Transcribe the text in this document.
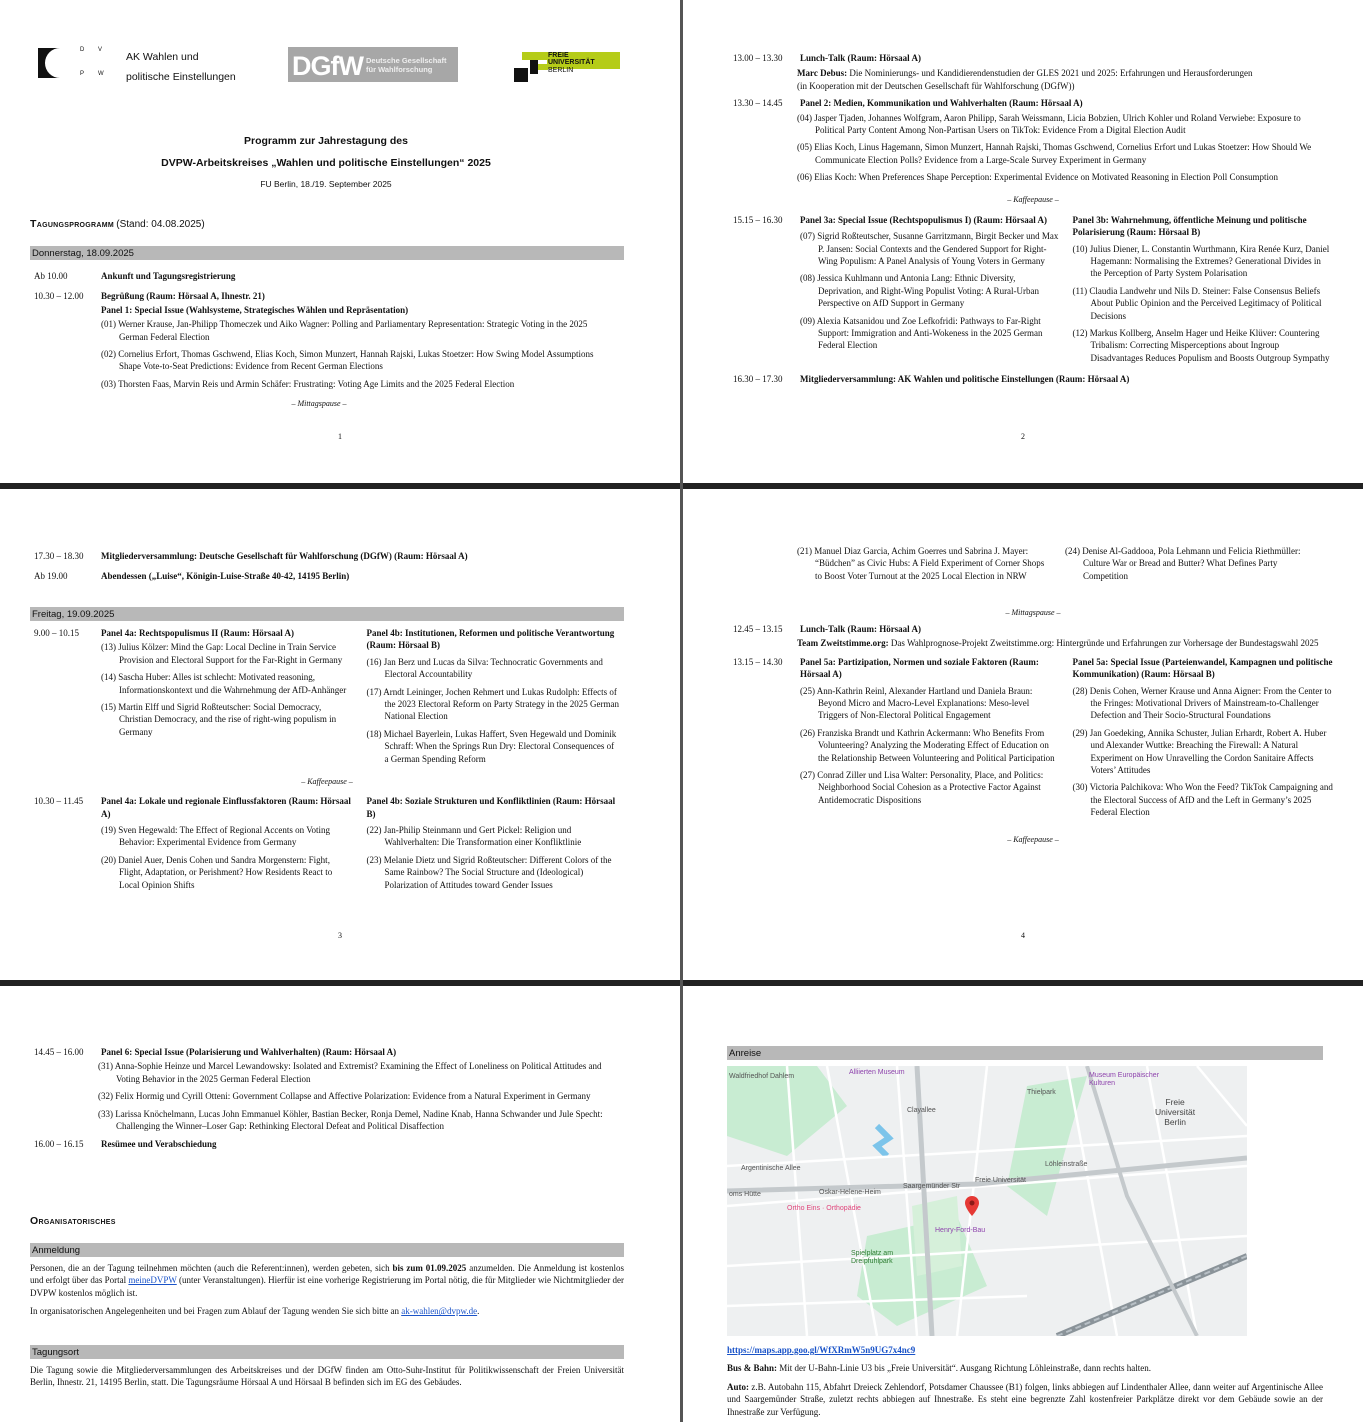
D V
P W
AK Wahlen und
politische Einstellungen DGfW Deutsche Gesellschaft
für Wahlforschung
FREIE
UNIVERSITÄT
BERLIN
Programm zur Jahrestagung des
DVPW-Arbeitskreises „Wahlen und politische Einstellungen“ 2025
FU Berlin, 18./19. September 2025
Tagungsprogramm (Stand: 04.08.2025)
Donnerstag, 18.09.2025
Ab 10.00	Ankunft und Tagungsregistrierung
10.30 – 12.00	Begrüßung (Raum: Hörsaal A, Ihnestr. 21)
Panel 1: Special Issue (Wahlsysteme, Strategisches Wählen und Repräsentation)
(01) Werner Krause, Jan-Philipp Thomeczek und Aiko Wagner: Polling and Parliamentary Representation: Strategic Voting in the 2025 German Federal Election
(02) Cornelius Erfort, Thomas Gschwend, Elias Koch, Simon Munzert, Hannah Rajski, Lukas Stoetzer: How Swing Model Assumptions Shape Vote-to-Seat Predictions: Evidence from Recent German Elections
(03) Thorsten Faas, Marvin Reis und Armin Schäfer: Frustrating: Voting Age Limits and the 2025 Federal Election
– Mittagspause –
1
13.00 – 13.30	Lunch-Talk (Raum: Hörsaal A)
Marc Debus: Die Nominierungs- und Kandidierendenstudien der GLES 2021 und 2025: Erfahrungen und Herausforderungen
(in Kooperation mit der Deutschen Gesellschaft für Wahlforschung (DGfW))
13.30 – 14.45	Panel 2: Medien, Kommunikation und Wahlverhalten (Raum: Hörsaal A)
(04) Jasper Tjaden, Johannes Wolfgram, Aaron Philipp, Sarah Weissmann, Licia Bobzien, Ulrich Kohler und Roland Verwiebe: Exposure to Political Party Content Among Non-Partisan Users on TikTok: Evidence From a Digital Election Audit
(05) Elias Koch, Linus Hagemann, Simon Munzert, Hannah Rajski, Thomas Gschwend, Cornelius Erfort und Lukas Stoetzer: How Should We Communicate Election Polls? Evidence from a Large-Scale Survey Experiment in Germany
(06) Elias Koch: When Preferences Shape Perception: Experimental Evidence on Motivated Reasoning in Election Poll Consumption
– Kaffeepause –
15.15 – 16.30	Panel 3a: Special Issue (Rechtspopulismus I) (Raum: Hörsaal A)
(07) Sigrid Roßteutscher, Susanne Garritzmann, Birgit Becker und Max P. Jansen: Social Contexts and the Gendered Support for Right-Wing Populism: A Panel Analysis of Young Voters in Germany
(08) Jessica Kuhlmann und Antonia Lang: Ethnic Diversity, Deprivation, and Right-Wing Populist Voting: A Rural-Urban Perspective on AfD Support in Germany
(09) Alexia Katsanidou und Zoe Lefkofridi: Pathways to Far-Right Support: Immigration and Anti-Wokeness in the 2025 German Federal Election
Panel 3b: Wahrnehmung, öffentliche Meinung und politische Polarisierung (Raum: Hörsaal B)
(10) Julius Diener, L. Constantin Wurthmann, Kira Renée Kurz, Daniel Hagemann: Normalising the Extremes? Generational Divides in the Perception of Party System Polarisation
(11) Claudia Landwehr und Nils D. Steiner: False Consensus Beliefs About Public Opinion and the Perceived Legitimacy of Political Decisions
(12) Markus Kollberg, Anselm Hager und Heike Klüver: Countering Tribalism: Correcting Misperceptions about Ingroup Disadvantages Reduces Populism and Boosts Outgroup Sympathy
16.30 – 17.30	Mitgliederversammlung: AK Wahlen und politische Einstellungen (Raum: Hörsaal A)
2
17.30 – 18.30	Mitgliederversammlung: Deutsche Gesellschaft für Wahlforschung (DGfW) (Raum: Hörsaal A)
Ab 19.00	Abendessen („Luise“, Königin-Luise-Straße 40-42, 14195 Berlin)
Freitag, 19.09.2025
9.00 – 10.15	Panel 4a: Rechtspopulismus II (Raum: Hörsaal A)
(13) Julius Kölzer: Mind the Gap: Local Decline in Train Service Provision and Electoral Support for the Far-Right in Germany
(14) Sascha Huber: Alles ist schlecht: Motivated reasoning, Informationskontext und die Wahrnehmung der AfD-Anhänger
(15) Martin Elff und Sigrid Roßteutscher: Social Democracy, Christian Democracy, and the rise of right-wing populism in Germany
Panel 4b: Institutionen, Reformen und politische Verantwortung (Raum: Hörsaal B)
(16) Jan Berz und Lucas da Silva: Technocratic Governments and Electoral Accountability
(17) Arndt Leininger, Jochen Rehmert und Lukas Rudolph: Effects of the 2023 Electoral Reform on Party Strategy in the 2025 German National Election
(18) Michael Bayerlein, Lukas Haffert, Sven Hegewald und Dominik Schraff: When the Springs Run Dry: Electoral Consequences of a German Spending Reform
– Kaffeepause –
10.30 – 11.45	Panel 4a: Lokale und regionale Einflussfaktoren (Raum: Hörsaal A)
(19) Sven Hegewald: The Effect of Regional Accents on Voting Behavior: Experimental Evidence from Germany
(20) Daniel Auer, Denis Cohen und Sandra Morgenstern: Fight, Flight, Adaptation, or Perishment? How Residents React to Local Opinion Shifts
Panel 4b: Soziale Strukturen und Konfliktlinien (Raum: Hörsaal B)
(22) Jan-Philip Steinmann und Gert Pickel: Religion und Wahlverhalten: Die Transformation einer Konfliktlinie
(23) Melanie Dietz und Sigrid Roßteutscher: Different Colors of the Same Rainbow? The Social Structure and (Ideological) Polarization of Attitudes toward Gender Issues
3
(21) Manuel Diaz Garcia, Achim Goerres und Sabrina J. Mayer: “Büdchen” as Civic Hubs: A Field Experiment of Corner Shops to Boost Voter Turnout at the 2025 Local Election in NRW
(24) Denise Al-Gaddooa, Pola Lehmann und Felicia Riethmüller: Culture War or Bread and Butter? What Defines Party Competition
– Mittagspause –
12.45 – 13.15	Lunch-Talk (Raum: Hörsaal A)
Team Zweitstimme.org: Das Wahlprognose-Projekt Zweitstimme.org: Hintergründe und Erfahrungen zur Vorhersage der Bundestagswahl 2025
13.15 – 14.30	Panel 5a: Partizipation, Normen und soziale Faktoren (Raum: Hörsaal A)
(25) Ann-Kathrin Reinl, Alexander Hartland und Daniela Braun: Beyond Micro and Macro-Level Explanations: Meso-level Triggers of Non-Electoral Political Engagement
(26) Franziska Brandt und Kathrin Ackermann: Who Benefits From Volunteering? Analyzing the Moderating Effect of Education on the Relationship Between Volunteering and Political Participation
(27) Conrad Ziller und Lisa Walter: Personality, Place, and Politics: Neighborhood Social Cohesion as a Protective Factor Against Antidemocratic Dispositions
Panel 5a: Special Issue (Parteienwandel, Kampagnen und politische Kommunikation) (Raum: Hörsaal B)
(28) Denis Cohen, Werner Krause und Anna Aigner: From the Center to the Fringes: Motivational Drivers of Mainstream-to-Challenger Defection and Their Socio-Structural Foundations
(29) Jan Goedeking, Annika Schuster, Julian Erhardt, Robert A. Huber und Alexander Wuttke: Breaching the Firewall: A Natural Experiment on How Unravelling the Cordon Sanitaire Affects Voters’ Attitudes
(30) Victoria Palchikova: Who Won the Feed? TikTok Campaigning and the Electoral Success of AfD and the Left in Germany’s 2025 Federal Election
– Kaffeepause –
4
14.45 – 16.00	Panel 6: Special Issue (Polarisierung und Wahlverhalten) (Raum: Hörsaal A)
(31) Anna-Sophie Heinze und Marcel Lewandowsky: Isolated and Extremist? Examining the Effect of Loneliness on Political Attitudes and Voting Behavior in the 2025 German Federal Election
(32) Felix Hormig und Cyrill Otteni: Government Collapse and Affective Polarization: Evidence from a Natural Experiment in Germany
(33) Larissa Knöchelmann, Lucas John Emmanuel Köhler, Bastian Becker, Ronja Demel, Nadine Knab, Hanna Schwander und Jule Specht: Challenging the Winner–Loser Gap: Rethinking Electoral Defeat and Political Disaffection
16.00 – 16.15	Resümee und Verabschiedung
Organisatorisches
Anmeldung
Personen, die an der Tagung teilnehmen möchten (auch die Referent:innen), werden gebeten, sich bis zum 01.09.2025 anzumelden. Die Anmeldung ist kostenlos und erfolgt über das Portal meineDVPW (unter Veranstaltungen). Hierfür ist eine vorherige Registrierung im Portal nötig, die für Mitglieder wie Nichtmitglieder der DVPW kostenlos möglich ist.
In organisatorischen Angelegenheiten und bei Fragen zum Ablauf der Tagung wenden Sie sich bitte an ak-wahlen@dvpw.de.
Tagungsort
Die Tagung sowie die Mitgliederversammlungen des Arbeitskreises und der DGfW finden am Otto-Suhr-Institut für Politikwissenschaft der Freien Universität Berlin, Ihnestr. 21, 14195 Berlin, statt. Die Tagungsräume Hörsaal A und Hörsaal B befinden sich im EG des Gebäudes.
Anreise
Waldfriedhof Dahlem
Alliierten Museum	Museum Europäischer Kulturen
Freie
Universität
Berlin
Argentinische Allee
Oskar-Helene-Heim
Ortho Eins · Orthopädie
Saargemünder Str
Freie Universität
Henry-Ford-Bau
Spielplatz am
Dreipfuhlpark
oms Hütte
Löhleinstraße
Clayallee
Thielpark
https://maps.app.goo.gl/WfXRmW5n9UG7x4nc9
Bus & Bahn: Mit der U-Bahn-Linie U3 bis „Freie Universität“. Ausgang Richtung Löhleinstraße, dann rechts halten.
Auto: z.B. Autobahn 115, Abfahrt Dreieck Zehlendorf, Potsdamer Chaussee (B1) folgen, links abbiegen auf Lindenthaler Allee, dann weiter auf Argentinische Allee und Saargemünder Straße, zuletzt rechts abbiegen auf Ihnestraße. Es steht eine begrenzte Zahl kostenfreier Parkplätze direkt vor dem Gebäude sowie an der Ihnestraße zur Verfügung.
